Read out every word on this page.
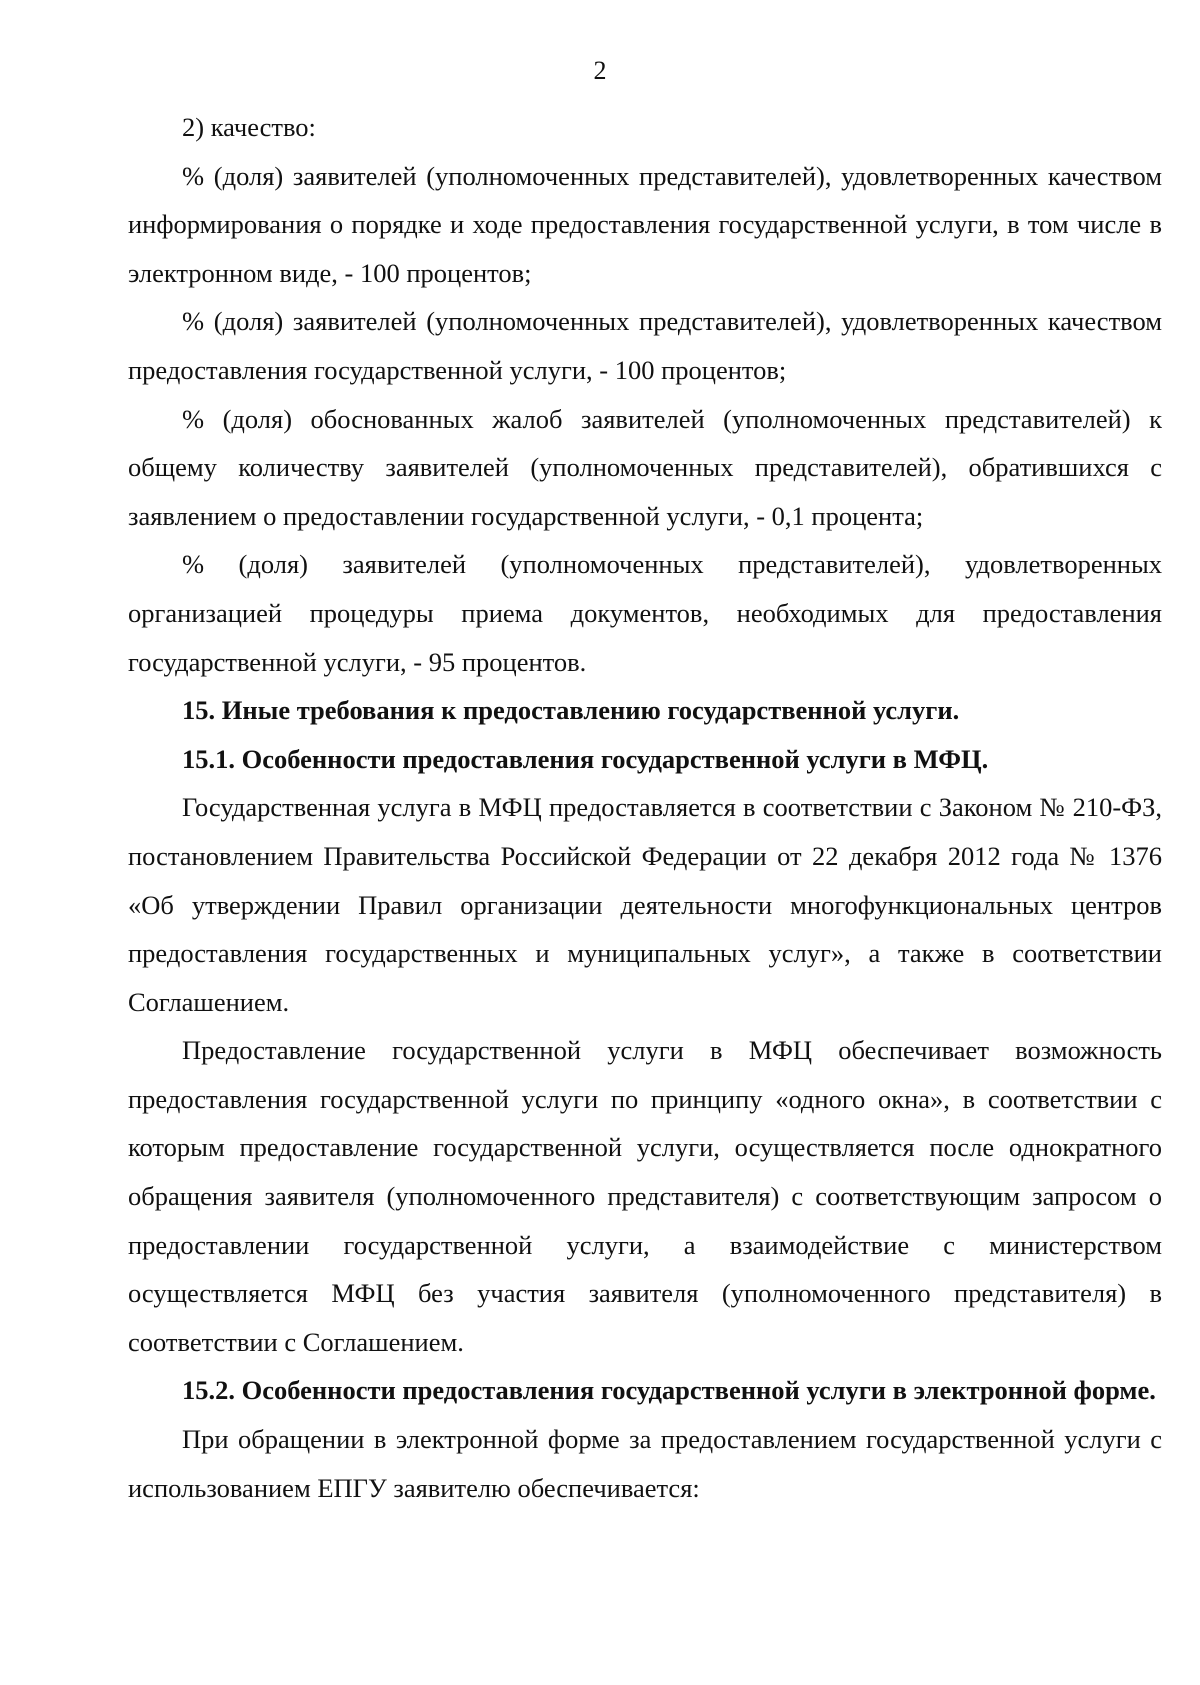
2

2) качество:

% (доля) заявителей (уполномоченных представителей), удовлетворенных качеством информирования о порядке и ходе предоставления государственной услуги, в том числе в электронном виде, - 100 процентов;

% (доля) заявителей (уполномоченных представителей), удовлетворенных качеством предоставления государственной услуги, - 100 процентов;

% (доля) обоснованных жалоб заявителей (уполномоченных представителей) к общему количеству заявителей (уполномоченных представителей), обратившихся с заявлением о предоставлении государственной услуги, - 0,1 процента;

% (доля) заявителей (уполномоченных представителей), удовлетворенных организацией процедуры приема документов, необходимых для предоставления государственной услуги, - 95 процентов.

15. Иные требования к предоставлению государственной услуги.

15.1. Особенности предоставления государственной услуги в МФЦ.

Государственная услуга в МФЦ предоставляется в соответствии с Законом № 210-ФЗ, постановлением Правительства Российской Федерации от 22 декабря 2012 года № 1376 «Об утверждении Правил организации деятельности многофункциональных центров предоставления государственных и муниципальных услуг», а также в соответствии Соглашением.

Предоставление государственной услуги в МФЦ обеспечивает возможность предоставления государственной услуги по принципу «одного окна», в соответствии с которым предоставление государственной услуги, осуществляется после однократного обращения заявителя (уполномоченного представителя) с соответствующим запросом о предоставлении государственной услуги, а взаимодействие с министерством осуществляется МФЦ без участия заявителя (уполномоченного представителя) в соответствии с Соглашением.

15.2. Особенности предоставления государственной услуги в электронной форме.

При обращении в электронной форме за предоставлением государственной услуги с использованием ЕПГУ заявителю обеспечивается:
